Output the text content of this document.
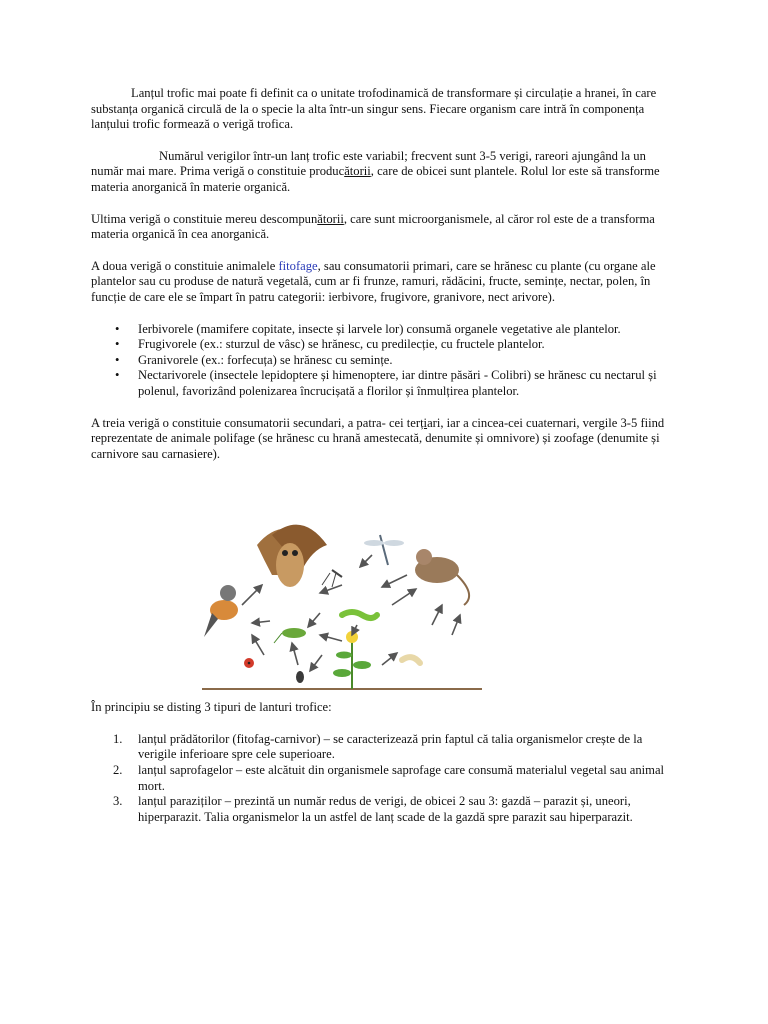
Lanțul trofic mai poate fi definit ca o unitate trofodinamică de transformare și circulație a hranei, în care substanța organică circulă de la o specie la alta într-un singur sens. Fiecare organism care intră în componența lanțului trofic formează o verigă trofica.

Numărul verigilor într-un lanț trofic este variabil; frecvent sunt 3-5 verigi, rareori ajungând la un număr mai mare. Prima verigă o constituie producătorii, care de obicei sunt plantele. Rolul lor este să transforme materia anorganică în materie organică.

Ultima verigă o constituie mereu descompunătorii, care sunt microorganismele, al căror rol este de a transforma materia organică în cea anorganică.

A doua verigă o constituie animalele fitofage, sau consumatorii primari, care se hrănesc cu plante (cu organe ale plantelor sau cu produse de natură vegetală, cum ar fi frunze, ramuri, rădăcini, fructe, semințe, nectar, polen, în funcție de care ele se împart în patru categorii: ierbivore, frugivore, granivore, nect arivore).

• Ierbivorele (mamifere copitate, insecte și larvele lor) consumă organele vegetative ale plantelor.
• Frugivorele (ex.: sturzul de vâsc) se hrănesc, cu predilecție, cu fructele plantelor.
• Granivorele (ex.: forfecuța) se hrănesc cu semințe.
• Nectarivorele (insectele lepidoptere și himenoptere, iar dintre păsări - Colibri) se hrănesc cu nectarul și polenul, favorizând polenizarea încrucișată a florilor și înmulțirea plantelor.

A treia verigă o constituie consumatorii secundari, a patra- cei terțiari, iar a cincea-cei cuaternari, vergile 3-5 fiind reprezentate de animale polifage (se hrănesc cu hrană amestecată, denumite și omnivore) și zoofage (denumite și carnivore sau carnasiere).

În principiu se disting 3 tipuri de lanturi trofice:

1. lanțul prădătorilor (fitofag-carnivor) – se caracterizează prin faptul că talia organismelor crește de la verigile inferioare spre cele superioare.
2. lanțul saprofagelor – este alcătuit din organismele saprofage care consumă materialul vegetal sau animal mort.
3. lanțul paraziților – prezintă un număr redus de verigi, de obicei 2 sau 3: gazdă – parazit și, uneori, hiperparazit. Talia organismelor la un astfel de lanț scade de la gazdă spre parazit sau hiperparazit.
